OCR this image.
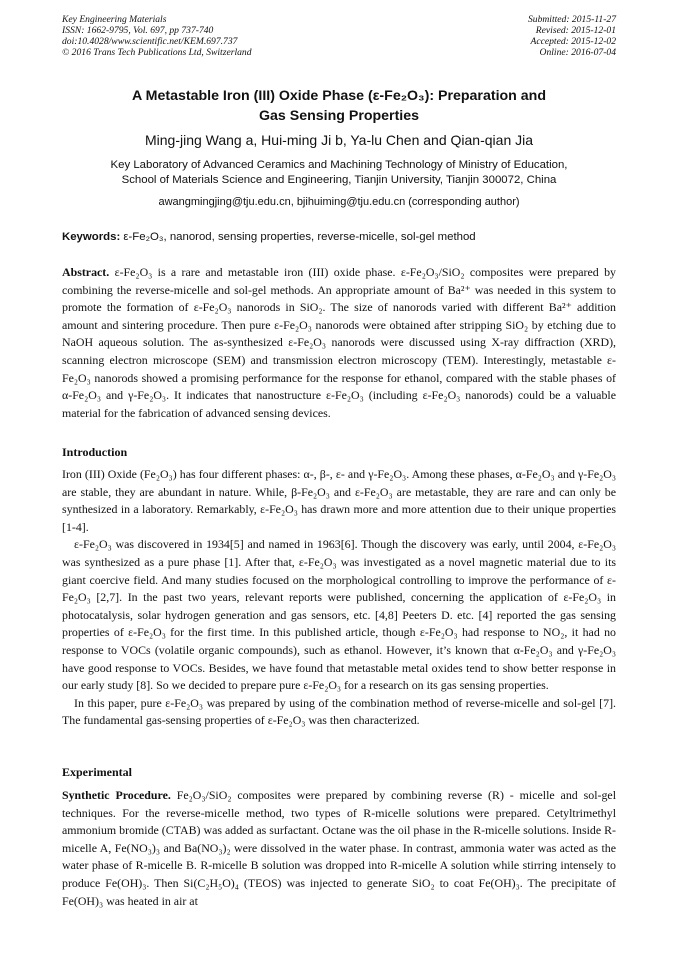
Key Engineering Materials
ISSN: 1662-9795, Vol. 697, pp 737-740
doi:10.4028/www.scientific.net/KEM.697.737
© 2016 Trans Tech Publications Ltd, Switzerland
Submitted: 2015-11-27
Revised: 2015-12-01
Accepted: 2015-12-02
Online: 2016-07-04
A Metastable Iron (III) Oxide Phase (ε-Fe₂O₃): Preparation and
Gas Sensing Properties
Ming-jing Wang a, Hui-ming Ji b, Ya-lu Chen and Qian-qian Jia
Key Laboratory of Advanced Ceramics and Machining Technology of Ministry of Education,
School of Materials Science and Engineering, Tianjin University, Tianjin 300072, China
awangmingjing@tju.edu.cn, bjihuiming@tju.edu.cn (corresponding author)
Keywords: ε-Fe₂O₃, nanorod, sensing properties, reverse-micelle, sol-gel method

Abstract. ε-Fe₂O₃ is a rare and metastable iron (III) oxide phase. ε-Fe₂O₃/SiO₂ composites were prepared by combining the reverse-micelle and sol-gel methods. An appropriate amount of Ba²⁺ was needed in this system to promote the formation of ε-Fe₂O₃ nanorods in SiO₂. The size of nanorods varied with different Ba²⁺ addition amount and sintering procedure. Then pure ε-Fe₂O₃ nanorods were obtained after stripping SiO₂ by etching due to NaOH aqueous solution. The as-synthesized ε-Fe₂O₃ nanorods were discussed using X-ray diffraction (XRD), scanning electron microscope (SEM) and transmission electron microscopy (TEM). Interestingly, metastable ε-Fe₂O₃ nanorods showed a promising performance for the response for ethanol, compared with the stable phases of α-Fe₂O₃ and γ-Fe₂O₃. It indicates that nanostructure ε-Fe₂O₃ (including ε-Fe₂O₃ nanorods) could be a valuable material for the fabrication of advanced sensing devices.

Introduction

Iron (III) Oxide (Fe₂O₃) has four different phases: α-, β-, ε- and γ-Fe₂O₃. Among these phases, α-Fe₂O₃ and γ-Fe₂O₃ are stable, they are abundant in nature. While, β-Fe₂O₃ and ε-Fe₂O₃ are metastable, they are rare and can only be synthesized in a laboratory. Remarkably, ε-Fe₂O₃ has drawn more and more attention due to their unique properties [1-4].

ε-Fe₂O₃ was discovered in 1934[5] and named in 1963[6]. Though the discovery was early, until 2004, ε-Fe₂O₃ was synthesized as a pure phase [1]. After that, ε-Fe₂O₃ was investigated as a novel magnetic material due to its giant coercive field. And many studies focused on the morphological controlling to improve the performance of ε-Fe₂O₃ [2,7]. In the past two years, relevant reports were published, concerning the application of ε-Fe₂O₃ in photocatalysis, solar hydrogen generation and gas sensors, etc. [4,8] Peeters D. etc. [4] reported the gas sensing properties of ε-Fe₂O₃ for the first time. In this published article, though ε-Fe₂O₃ had response to NO₂, it had no response to VOCs (volatile organic compounds), such as ethanol. However, it’s known that α-Fe₂O₃ and γ-Fe₂O₃ have good response to VOCs. Besides, we have found that metastable metal oxides tend to show better response in our early study [8]. So we decided to prepare pure ε-Fe₂O₃ for a research on its gas sensing properties.

In this paper, pure ε-Fe₂O₃ was prepared by using of the combination method of reverse-micelle and sol-gel [7]. The fundamental gas-sensing properties of ε-Fe₂O₃ was then characterized.

Experimental

Synthetic Procedure. Fe₂O₃/SiO₂ composites were prepared by combining reverse (R) - micelle and sol-gel techniques. For the reverse-micelle method, two types of R-micelle solutions were prepared. Cetyltrimethyl ammonium bromide (CTAB) was added as surfactant. Octane was the oil phase in the R-micelle solutions. Inside R-micelle A, Fe(NO₃)₃ and Ba(NO₃)₂ were dissolved in the water phase. In contrast, ammonia water was acted as the water phase of R-micelle B. R-micelle B solution was dropped into R-micelle A solution while stirring intensely to produce Fe(OH)₃. Then Si(C₂H₅O)₄ (TEOS) was injected to generate SiO₂ to coat Fe(OH)₃. The precipitate of Fe(OH)₃ was heated in air at
